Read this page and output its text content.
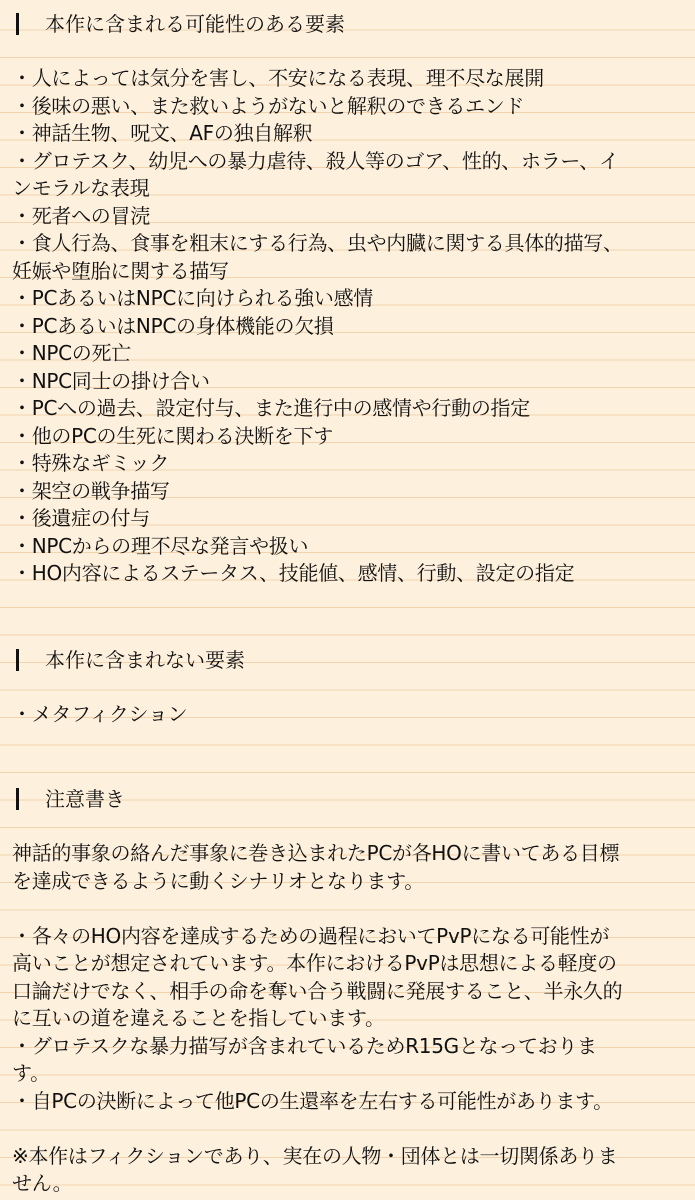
本作に含まれる可能性のある要素
・人によっては気分を害し、不安になる表現、理不尽な展開
・後味の悪い、また救いようがないと解釈のできるエンド
・神話生物、呪文、AFの独自解釈
・グロテスク、幼児への暴力虐待、殺人等のゴア、性的、ホラー、イ
ンモラルな表現
・死者への冒涜
・食人行為、食事を粗末にする行為、虫や内臓に関する具体的描写、
妊娠や堕胎に関する描写
・PCあるいはNPCに向けられる強い感情
・PCあるいはNPCの身体機能の欠損
・NPCの死亡
・NPC同士の掛け合い
・PCへの過去、設定付与、また進行中の感情や行動の指定
・他のPCの生死に関わる決断を下す
・特殊なギミック
・架空の戦争描写
・後遺症の付与
・NPCからの理不尽な発言や扱い
・HO内容によるステータス、技能値、感情、行動、設定の指定
本作に含まれない要素
・メタフィクション
注意書き

神話的事象の絡んだ事象に巻き込まれたPCが各HOに書いてある目標

を達成できるように動くシナリオとなります。

・各々のHO内容を達成するための過程においてPvPになる可能性が

高いことが想定されています。本作におけるPvPは思想による軽度の

口論だけでなく、相手の命を奪い合う戦闘に発展すること、半永久的

に互いの道を違えることを指しています。

・グロテスクな暴力描写が含まれているためR15Gとなっておりま

す。

・自PCの決断によって他PCの生還率を左右する可能性があります。

※本作はフィクションであり、実在の人物・団体とは一切関係ありま

せん。
